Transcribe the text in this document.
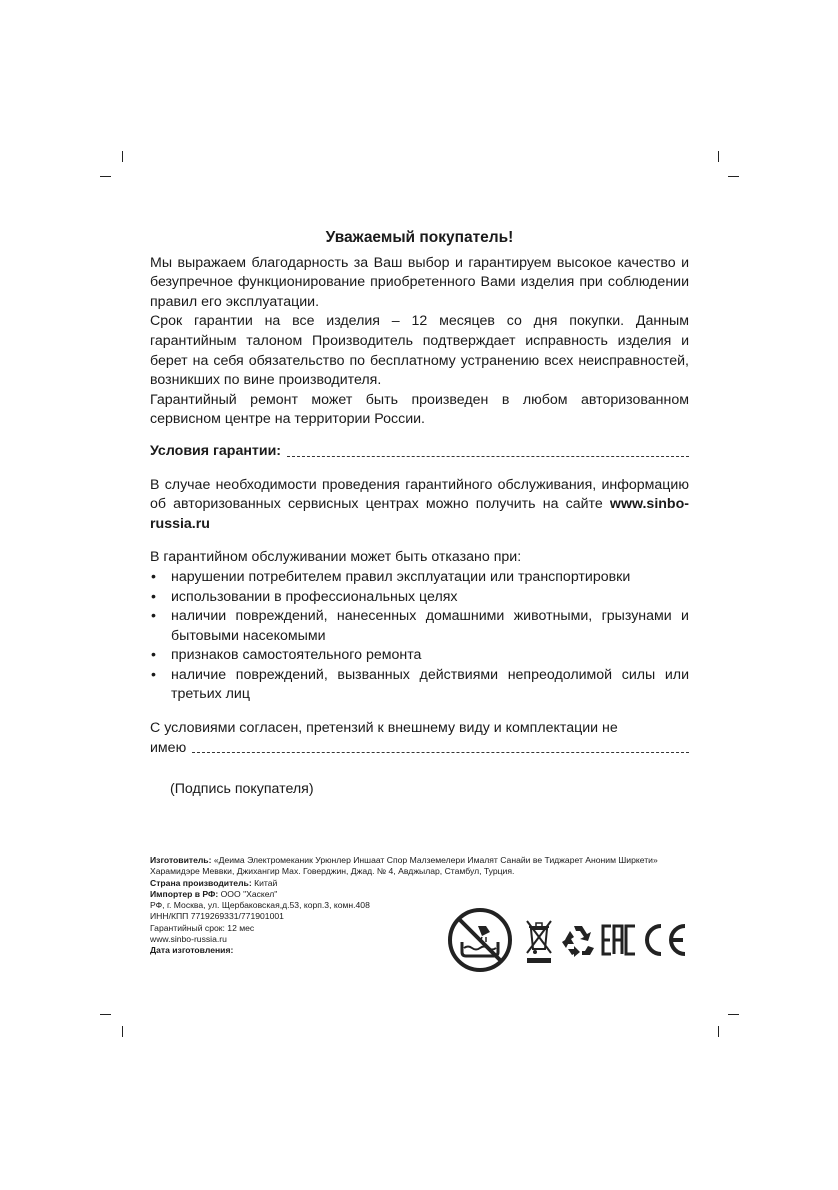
Уважаемый покупатель!

Мы выражаем благодарность за Ваш выбор и гарантируем высокое качество и безупречное функционирование приобретенного Вами изделия при соблюдении правил его эксплуатации.

Срок гарантии на все изделия – 12 месяцев со дня покупки. Данным гарантийным талоном Производитель подтверждает исправность изделия и берет на себя обязательство по бесплатному устранению всех неисправностей, возникших по вине производителя.

Гарантийный ремонт может быть произведен в любом авторизованном сервисном центре на территории России.

Условия гарантии:

В случае необходимости проведения гарантийного обслуживания, информацию об авторизованных сервисных центрах можно получить на сайте www.sinbo-russia.ru

В гарантийном обслуживании может быть отказано при:

• нарушении потребителем правил эксплуатации или транспортировки
• использовании в профессиональных целях
• наличии повреждений, нанесенных домашними животными, грызунами и бытовыми насекомыми
• признаков самостоятельного ремонта
• наличие повреждений, вызванных действиями непреодолимой силы или третьих лиц

С условиями согласен, претензий к внешнему виду и комплектации не

имею
(Подпись покупателя)

Изготовитель: «Деима Электромеканик Урюнлер Иншаат Спор Малземелери Ималят Санайи ве Тиджарет Аноним Ширкети» Харамидэре Меввки, Джихангир Мах. Говерджин, Джад. № 4, Авджылар, Стамбул, Турция.

Страна производитель: Китай

Импортер в РФ: ООО "Хаскел"

РФ, г. Москва, ул. Щербаковская,д.53, корп.3, комн.408

ИНН/КПП 7719269331/771901001

Гарантийный срок: 12 мес

www.sinbo-russia.ru

Дата изготовления:
